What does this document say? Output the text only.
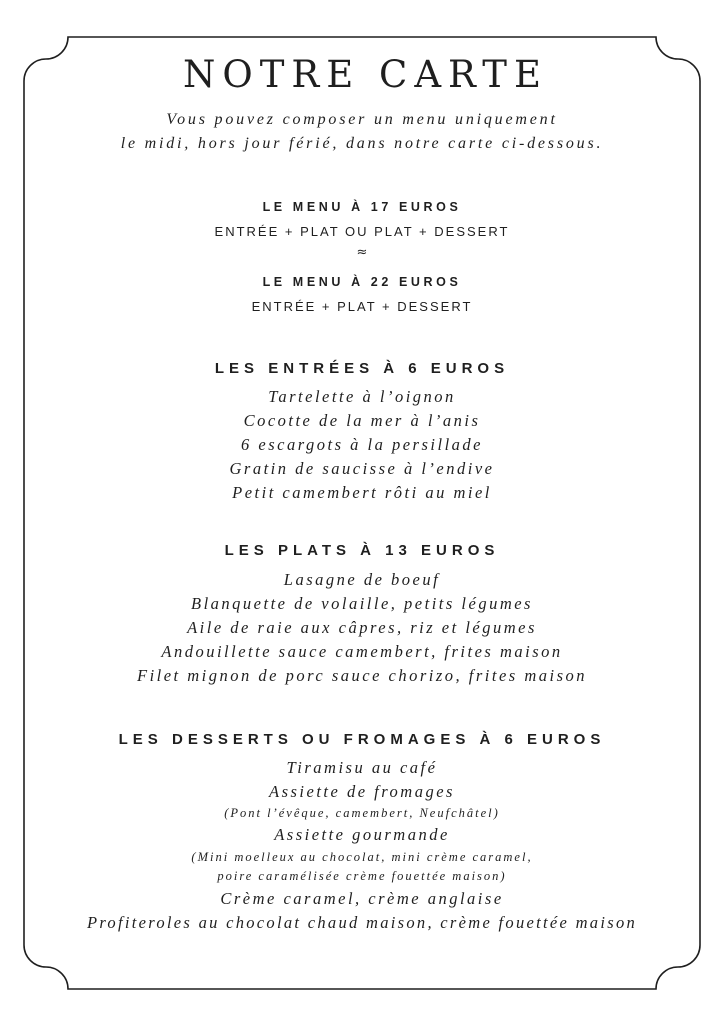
NOTRE CARTE
Vous pouvez composer un menu uniquement
le midi, hors jour férié, dans notre carte ci-dessous.
LE MENU À 17 EUROS
ENTRÉE + PLAT OU PLAT + DESSERT
≈
LE MENU À 22 EUROS
ENTRÉE + PLAT + DESSERT
LES ENTRÉES À 6 EUROS
Tartelette à l’oignon
Cocotte de la mer à l’anis
6 escargots à la persillade
Gratin de saucisse à l’endive
Petit camembert rôti au miel
LES PLATS À 13 EUROS
Lasagne de boeuf
Blanquette de volaille, petits légumes
Aile de raie aux câpres, riz et légumes
Andouillette sauce camembert, frites maison
Filet mignon de porc sauce chorizo, frites maison
LES DESSERTS OU FROMAGES À 6 EUROS
Tiramisu au café
Assiette de fromages
(Pont l’évêque, camembert, Neufchâtel)
Assiette gourmande
(Mini moelleux au chocolat, mini crème caramel,
poire caramélisée crème fouettée maison)
Crème caramel, crème anglaise
Profiteroles au chocolat chaud maison, crème fouettée maison
